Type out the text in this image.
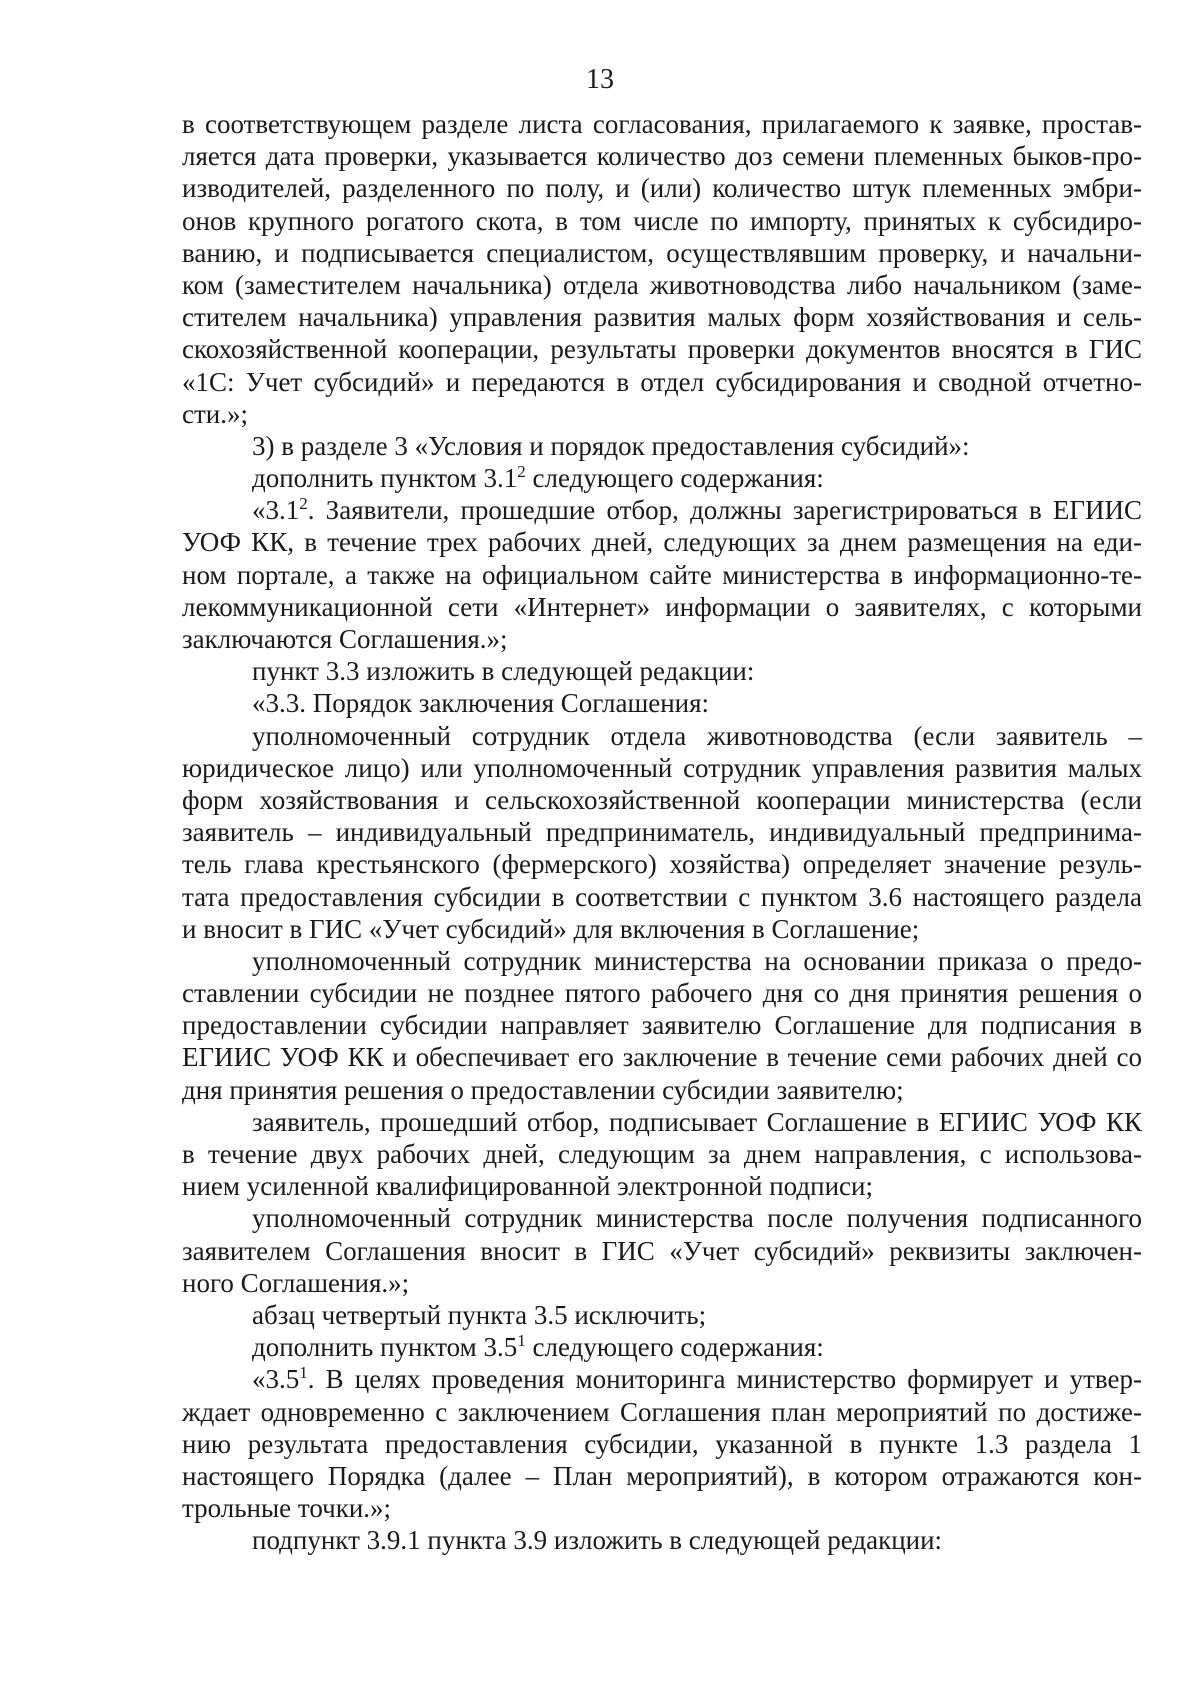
13
в соответствующем разделе листа согласования, прилагаемого к заявке, простав-
ляется дата проверки, указывается количество доз семени племенных быков-про-
изводителей, разделенного по полу, и (или) количество штук племенных эмбри-
онов крупного рогатого скота, в том числе по импорту, принятых к субсидиро-
ванию, и подписывается специалистом, осуществлявшим проверку, и начальни-
ком (заместителем начальника) отдела животноводства либо начальником (заме-
стителем начальника) управления развития малых форм хозяйствования и сель-
скохозяйственной кооперации, результаты проверки документов вносятся в ГИС
«1С: Учет субсидий» и передаются в отдел субсидирования и сводной отчетно-
сти.»;
3) в разделе 3 «Условия и порядок предоставления субсидий»:
дополнить пунктом $3.1^2$ следующего содержания:
«$3.1^2$. Заявители, прошедшие отбор, должны зарегистрироваться в ЕГИИС
УОФ КК, в течение трех рабочих дней, следующих за днем размещения на еди-
ном портале, а также на официальном сайте министерства в информационно-те-
лекоммуникационной сети «Интернет» информации о заявителях, с которыми
заключаются Соглашения.»;
пункт 3.3 изложить в следующей редакции:
«3.3. Порядок заключения Соглашения:
уполномоченный сотрудник отдела животноводства (если заявитель –
юридическое лицо) или уполномоченный сотрудник управления развития малых
форм хозяйствования и сельскохозяйственной кооперации министерства (если
заявитель – индивидуальный предприниматель, индивидуальный предпринима-
тель глава крестьянского (фермерского) хозяйства) определяет значение резуль-
тата предоставления субсидии в соответствии с пунктом 3.6 настоящего раздела
и вносит в ГИС «Учет субсидий» для включения в Соглашение;
уполномоченный сотрудник министерства на основании приказа о предо-
ставлении субсидии не позднее пятого рабочего дня со дня принятия решения о
предоставлении субсидии направляет заявителю Соглашение для подписания в
ЕГИИС УОФ КК и обеспечивает его заключение в течение семи рабочих дней со
дня принятия решения о предоставлении субсидии заявителю;
заявитель, прошедший отбор, подписывает Соглашение в ЕГИИС УОФ КК
в течение двух рабочих дней, следующим за днем направления, с использова-
нием усиленной квалифицированной электронной подписи;
уполномоченный сотрудник министерства после получения подписанного
заявителем Соглашения вносит в ГИС «Учет субсидий» реквизиты заключен-
ного Соглашения.»;
абзац четвертый пункта 3.5 исключить;
дополнить пунктом $3.5^1$ следующего содержания:
«$3.5^1$. В целях проведения мониторинга министерство формирует и утвер-
ждает одновременно с заключением Соглашения план мероприятий по достиже-
нию результата предоставления субсидии, указанной в пункте 1.3 раздела 1
настоящего Порядка (далее – План мероприятий), в котором отражаются кон-
трольные точки.»;
подпункт 3.9.1 пункта 3.9 изложить в следующей редакции:
